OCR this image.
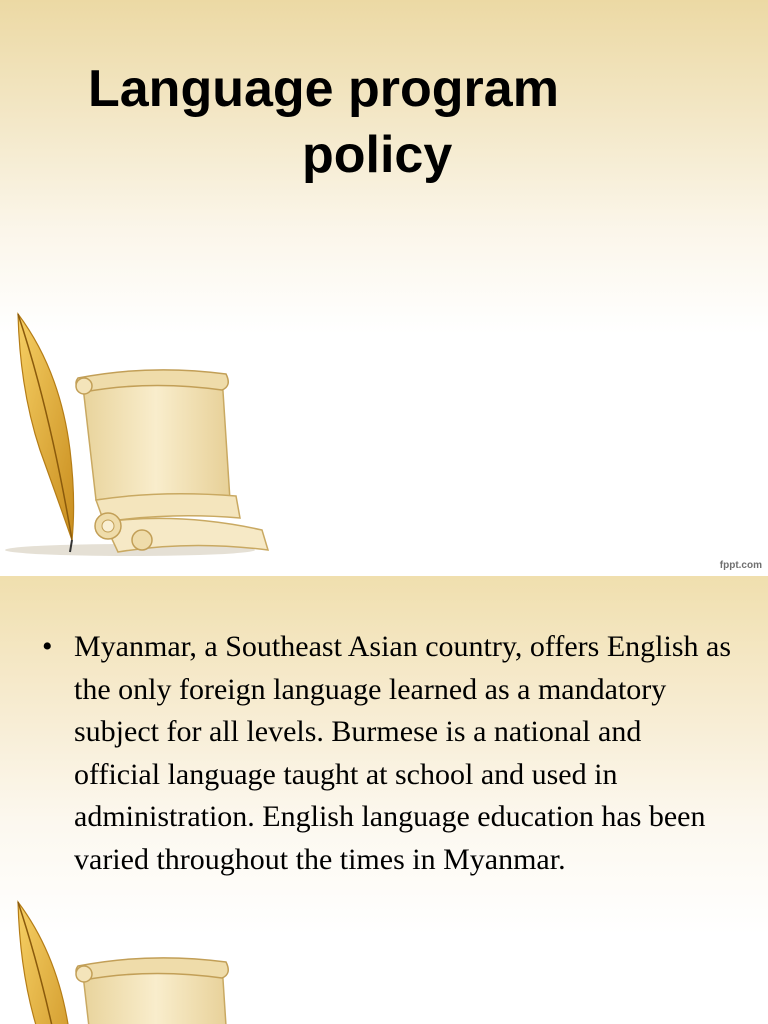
Language program
policy
fppt.com

• Myanmar, a Southeast Asian country, offers English as the only foreign language learned as a mandatory subject for all levels. Burmese is a national and official language taught at school and used in administration. English language education has been varied throughout the times in Myanmar.
